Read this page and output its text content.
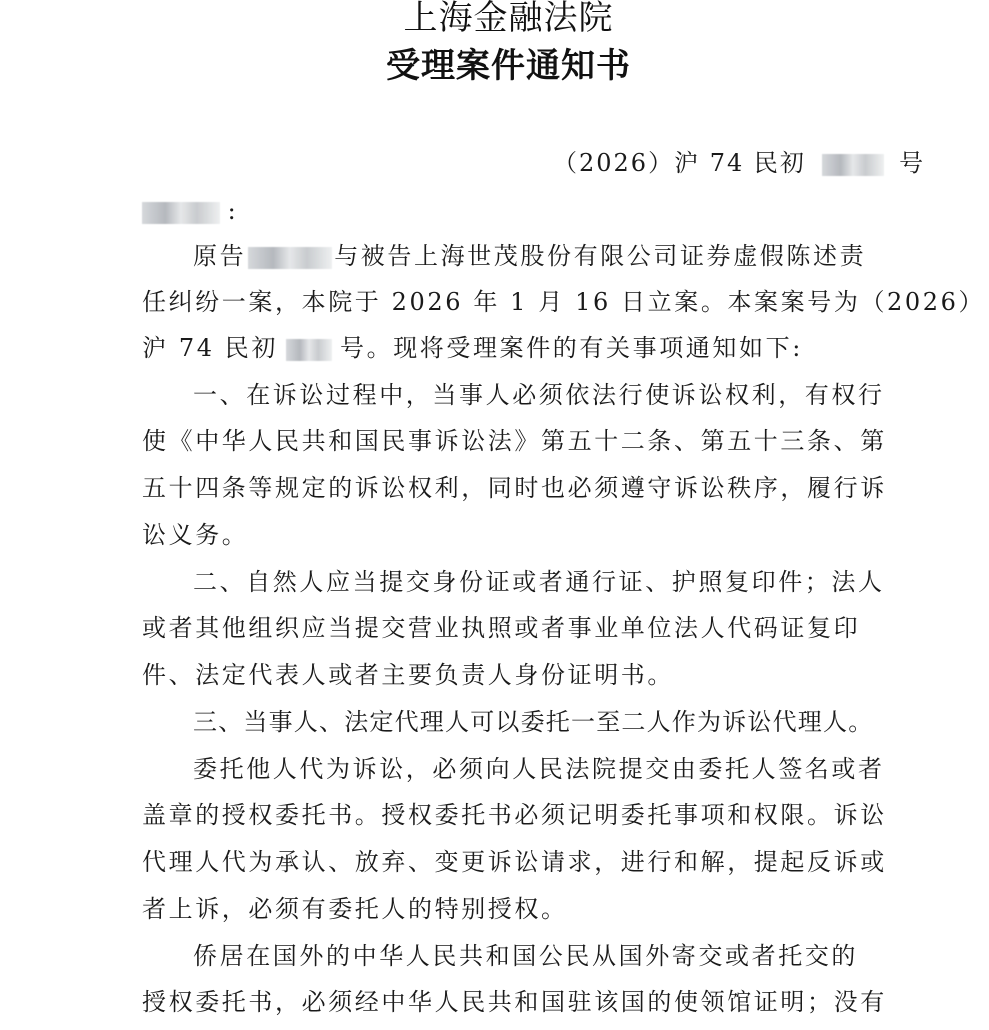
上海金融法院
受理案件通知书
（2026）沪 74 民初	号
:
原告	与被告上海世茂股份有限公司证券虚假陈述责
任纠纷一案，本院于 2026 年 1 月 16 日立案。本案案号为（2026）
沪 74 民初	号。现将受理案件的有关事项通知如下:
一、在诉讼过程中，当事人必须依法行使诉讼权利，有权行
使《中华人民共和国民事诉讼法》第五十二条、第五十三条、第
五十四条等规定的诉讼权利，同时也必须遵守诉讼秩序，履行诉
讼义务。
二、自然人应当提交身份证或者通行证、护照复印件；法人
或者其他组织应当提交营业执照或者事业单位法人代码证复印
件、法定代表人或者主要负责人身份证明书。
三、当事人、法定代理人可以委托一至二人作为诉讼代理人。
委托他人代为诉讼，必须向人民法院提交由委托人签名或者
盖章的授权委托书。授权委托书必须记明委托事项和权限。诉讼
代理人代为承认、放弃、变更诉讼请求，进行和解，提起反诉或
者上诉，必须有委托人的特别授权。
侨居在国外的中华人民共和国公民从国外寄交或者托交的
授权委托书，必须经中华人民共和国驻该国的使领馆证明；没有
